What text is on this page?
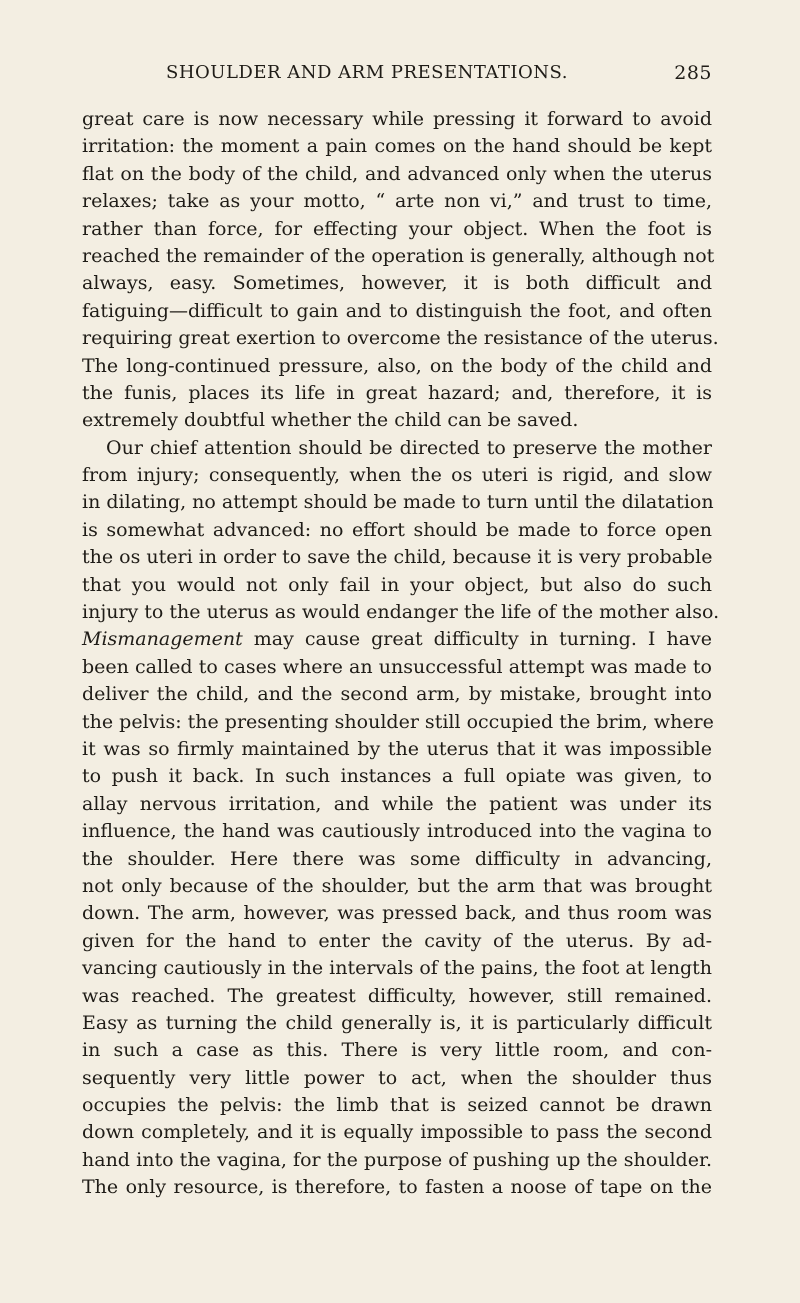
SHOULDER AND ARM PRESENTATIONS.	285
great care is now necessary while pressing it forward to avoid
irritation: the moment a pain comes on the hand should be kept
flat on the body of the child, and advanced only when the uterus
relaxes; take as your motto, “ arte non vi,” and trust to time,
rather than force, for effecting your object. When the foot is
reached the remainder of the operation is generally, although not
always, easy. Sometimes, however, it is both difficult and
fatiguing—difficult to gain and to distinguish the foot, and often
requiring great exertion to overcome the resistance of the uterus.
The long-continued pressure, also, on the body of the child and
the funis, places its life in great hazard; and, therefore, it is
extremely doubtful whether the child can be saved.
Our chief attention should be directed to preserve the mother
from injury; consequently, when the os uteri is rigid, and slow
in dilating, no attempt should be made to turn until the dilatation
is somewhat advanced: no effort should be made to force open
the os uteri in order to save the child, because it is very probable
that you would not only fail in your object, but also do such
injury to the uterus as would endanger the life of the mother also.
Mismanagement may cause great difficulty in turning. I have
been called to cases where an unsuccessful attempt was made to
deliver the child, and the second arm, by mistake, brought into
the pelvis: the presenting shoulder still occupied the brim, where
it was so firmly maintained by the uterus that it was impossible
to push it back. In such instances a full opiate was given, to
allay nervous irritation, and while the patient was under its
influence, the hand was cautiously introduced into the vagina to
the shoulder. Here there was some difficulty in advancing,
not only because of the shoulder, but the arm that was brought
down. The arm, however, was pressed back, and thus room was
given for the hand to enter the cavity of the uterus. By ad-
vancing cautiously in the intervals of the pains, the foot at length
was reached. The greatest difficulty, however, still remained.
Easy as turning the child generally is, it is particularly difficult
in such a case as this. There is very little room, and con-
sequently very little power to act, when the shoulder thus
occupies the pelvis: the limb that is seized cannot be drawn
down completely, and it is equally impossible to pass the second
hand into the vagina, for the purpose of pushing up the shoulder.
The only resource, is therefore, to fasten a noose of tape on the
